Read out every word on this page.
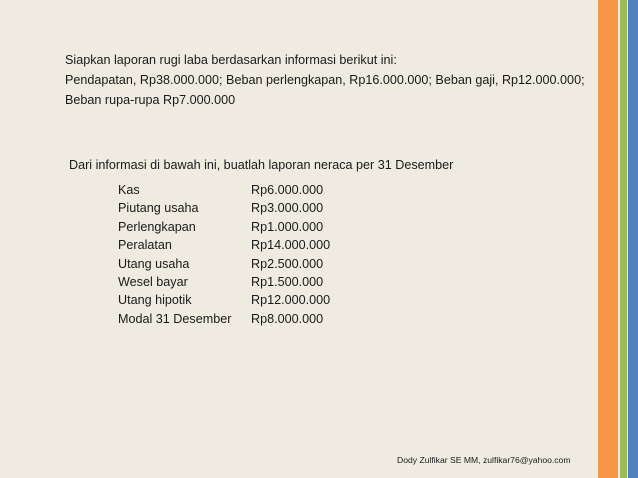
Siapkan laporan rugi laba berdasarkan informasi berikut ini:
Pendapatan, Rp38.000.000; Beban perlengkapan, Rp16.000.000; Beban gaji, Rp12.000.000;
Beban rupa-rupa Rp7.000.000
Dari informasi di bawah ini, buatlah laporan neraca per 31 Desember
Kas	Rp6.000.000
Piutang usaha	Rp3.000.000
Perlengkapan	Rp1.000.000
Peralatan	Rp14.000.000
Utang usaha	Rp2.500.000
Wesel bayar	Rp1.500.000
Utang hipotik	Rp12.000.000
Modal 31 Desember	Rp8.000.000
Dody Zulfikar SE MM, zulfikar76@yahoo.com
